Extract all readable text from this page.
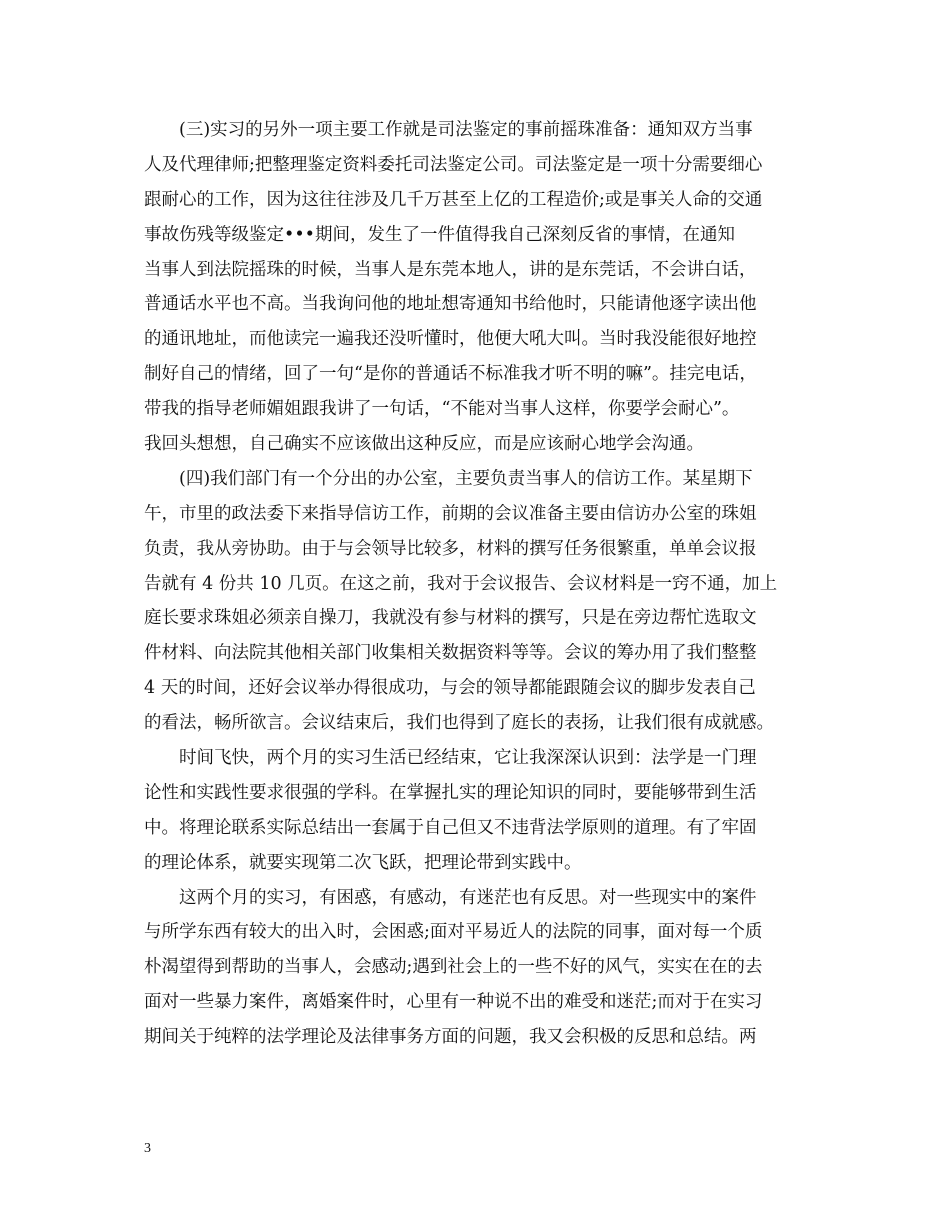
(三)实习的另外一项主要工作就是司法鉴定的事前摇珠准备：通知双方当事
人及代理律师;把整理鉴定资料委托司法鉴定公司。司法鉴定是一项十分需要细心
跟耐心的工作，因为这往往涉及几千万甚至上亿的工程造价;或是事关人命的交通
事故伤残等级鉴定•••期间，发生了一件值得我自己深刻反省的事情，在通知
当事人到法院摇珠的时候，当事人是东莞本地人，讲的是东莞话，不会讲白话，
普通话水平也不高。当我询问他的地址想寄通知书给他时，只能请他逐字读出他
的通讯地址，而他读完一遍我还没听懂时，他便大吼大叫。当时我没能很好地控
制好自己的情绪，回了一句“是你的普通话不标准我才听不明的嘛”。挂完电话，
带我的指导老师媚姐跟我讲了一句话，“不能对当事人这样，你要学会耐心”。
我回头想想，自己确实不应该做出这种反应，而是应该耐心地学会沟通。
(四)我们部门有一个分出的办公室，主要负责当事人的信访工作。某星期下
午，市里的政法委下来指导信访工作，前期的会议准备主要由信访办公室的珠姐
负责，我从旁协助。由于与会领导比较多，材料的撰写任务很繁重，单单会议报
告就有 4 份共 10 几页。在这之前，我对于会议报告、会议材料是一窍不通，加上
庭长要求珠姐必须亲自操刀，我就没有参与材料的撰写，只是在旁边帮忙选取文
件材料、向法院其他相关部门收集相关数据资料等等。会议的筹办用了我们整整
4 天的时间，还好会议举办得很成功，与会的领导都能跟随会议的脚步发表自己
的看法，畅所欲言。会议结束后，我们也得到了庭长的表扬，让我们很有成就感。
时间飞快，两个月的实习生活已经结束，它让我深深认识到：法学是一门理
论性和实践性要求很强的学科。在掌握扎实的理论知识的同时，要能够带到生活
中。将理论联系实际总结出一套属于自己但又不违背法学原则的道理。有了牢固
的理论体系，就要实现第二次飞跃，把理论带到实践中。
这两个月的实习，有困惑，有感动，有迷茫也有反思。对一些现实中的案件
与所学东西有较大的出入时，会困惑;面对平易近人的法院的同事，面对每一个质
朴渴望得到帮助的当事人，会感动;遇到社会上的一些不好的风气，实实在在的去
面对一些暴力案件，离婚案件时，心里有一种说不出的难受和迷茫;而对于在实习
期间关于纯粹的法学理论及法律事务方面的问题，我又会积极的反思和总结。两
3
